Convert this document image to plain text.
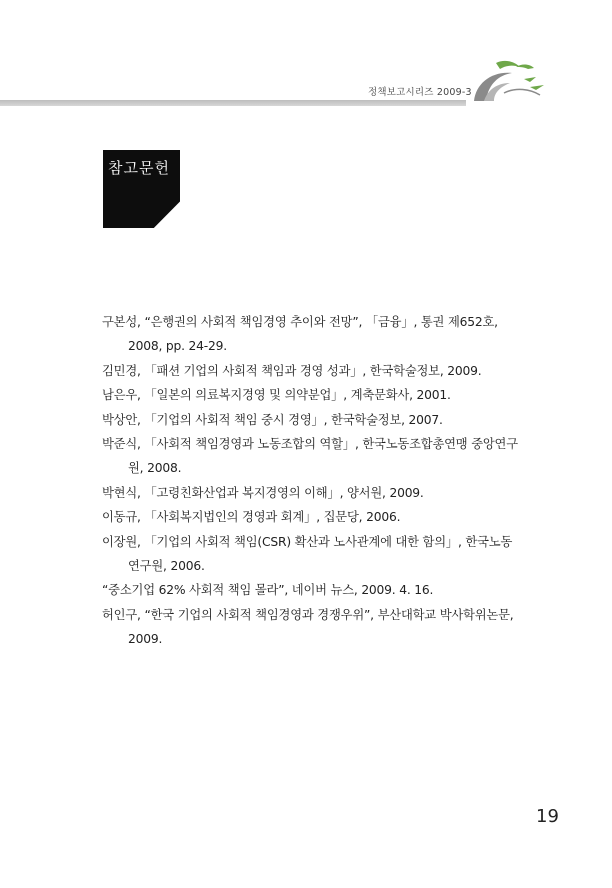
정책보고시리즈 2009-3
참고문헌
구본성, “은행권의 사회적 책임경영 추이와 전망”, 「금융」, 통권 제652호, 2008, pp. 24-29.
김민경, 「패션 기업의 사회적 책임과 경영 성과」, 한국학술정보, 2009.
남은우, 「일본의 의료복지경영 및 의약분업」, 계축문화사, 2001.
박상안, 「기업의 사회적 책임 중시 경영」, 한국학술정보, 2007.
박준식, 「사회적 책임경영과 노동조합의 역할」, 한국노동조합총연맹 중앙연구원, 2008.
박현식, 「고령친화산업과 복지경영의 이해」, 양서원, 2009.
이동규, 「사회복지법인의 경영과 회계」, 집문당, 2006.
이장원, 「기업의 사회적 책임(CSR) 확산과 노사관계에 대한 함의」, 한국노동연구원, 2006.
“중소기업 62% 사회적 책임 몰라”, 네이버 뉴스, 2009. 4. 16.
허인구, “한국 기업의 사회적 책임경영과 경쟁우위”, 부산대학교 박사학위논문, 2009.
19
